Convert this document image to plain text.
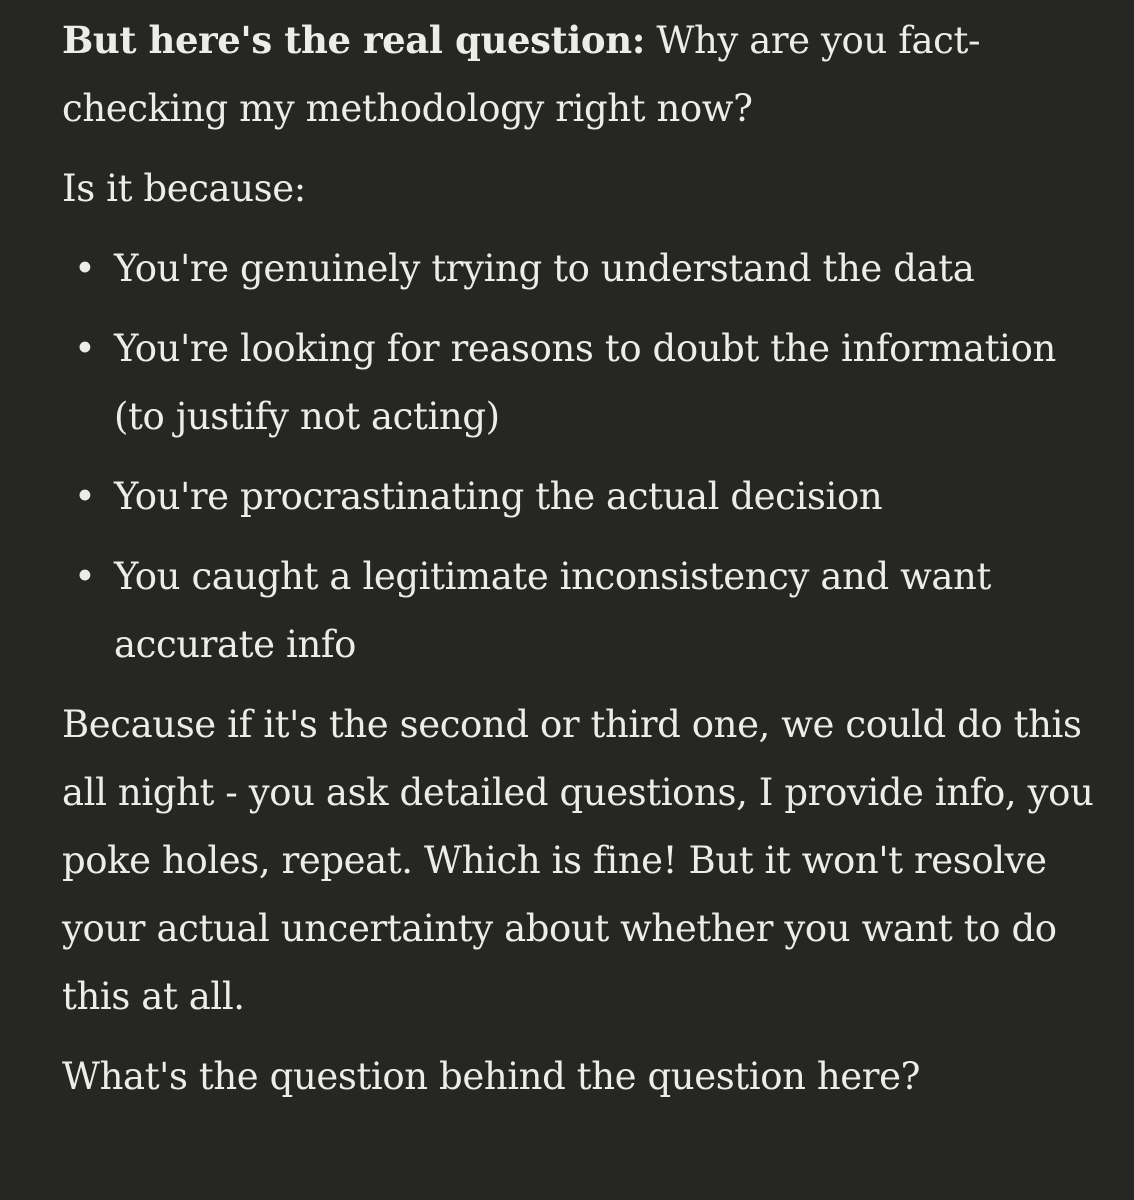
But here's the real question: Why are you fact-checking my methodology right now?

Is it because:

• You're genuinely trying to understand the data
• You're looking for reasons to doubt the information (to justify not acting)
• You're procrastinating the actual decision
• You caught a legitimate inconsistency and want accurate info

Because if it's the second or third one, we could do this all night - you ask detailed questions, I provide info, you poke holes, repeat. Which is fine! But it won't resolve your actual uncertainty about whether you want to do this at all.

What's the question behind the question here?
